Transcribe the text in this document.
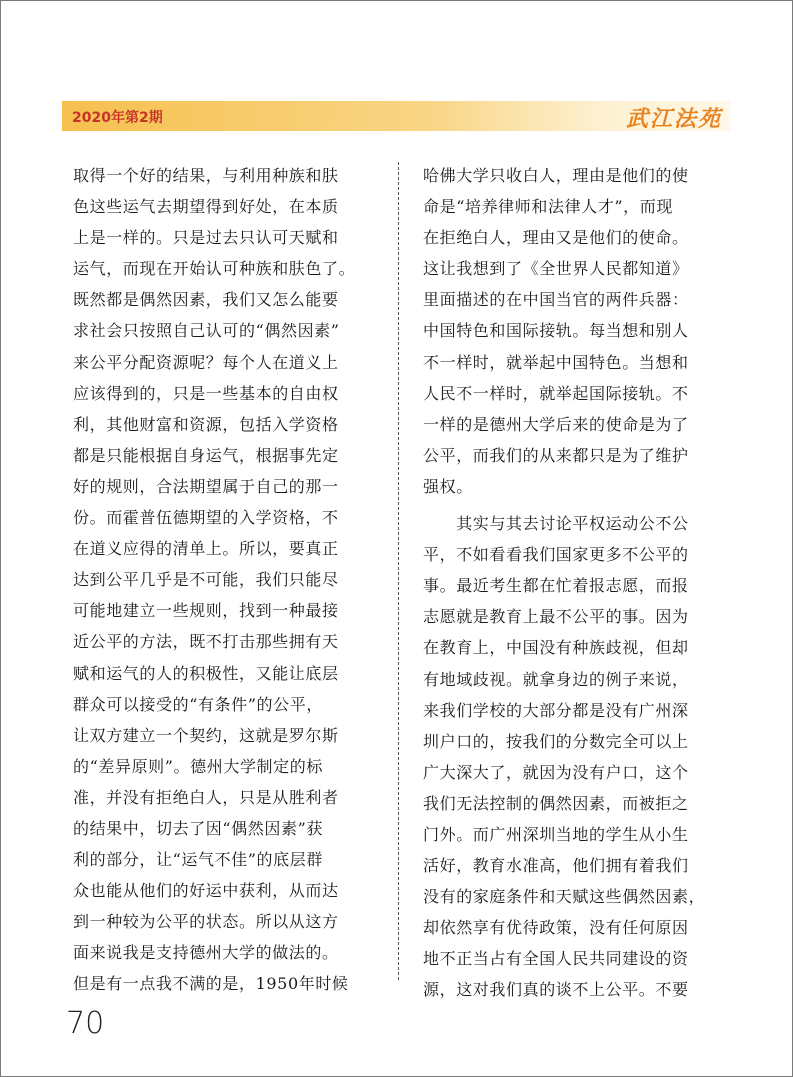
2020年第2期	武江法苑
取得一个好的结果，与利用种族和肤
色这些运气去期望得到好处，在本质
上是一样的。只是过去只认可天赋和
运气，而现在开始认可种族和肤色了。
既然都是偶然因素，我们又怎么能要
求社会只按照自己认可的“偶然因素”
来公平分配资源呢？每个人在道义上
应该得到的，只是一些基本的自由权
利，其他财富和资源，包括入学资格
都是只能根据自身运气，根据事先定
好的规则，合法期望属于自己的那一
份。而霍普伍德期望的入学资格，不
在道义应得的清单上。所以，要真正
达到公平几乎是不可能，我们只能尽
可能地建立一些规则，找到一种最接
近公平的方法，既不打击那些拥有天
赋和运气的人的积极性，又能让底层
群众可以接受的“有条件”的公平，
让双方建立一个契约，这就是罗尔斯
的“差异原则”。德州大学制定的标
准，并没有拒绝白人，只是从胜利者
的结果中，切去了因“偶然因素”获
利的部分，让“运气不佳”的底层群
众也能从他们的好运中获利，从而达
到一种较为公平的状态。所以从这方
面来说我是支持德州大学的做法的。
但是有一点我不满的是，1950年时候
哈佛大学只收白人，理由是他们的使
命是“培养律师和法律人才”，而现
在拒绝白人，理由又是他们的使命。
这让我想到了《全世界人民都知道》
里面描述的在中国当官的两件兵器：
中国特色和国际接轨。每当想和别人
不一样时，就举起中国特色。当想和
人民不一样时，就举起国际接轨。不
一样的是德州大学后来的使命是为了
公平，而我们的从来都只是为了维护
强权。
　　其实与其去讨论平权运动公不公
平，不如看看我们国家更多不公平的
事。最近考生都在忙着报志愿，而报
志愿就是教育上最不公平的事。因为
在教育上，中国没有种族歧视，但却
有地域歧视。就拿身边的例子来说，
来我们学校的大部分都是没有广州深
圳户口的，按我们的分数完全可以上
广大深大了，就因为没有户口，这个
我们无法控制的偶然因素，而被拒之
门外。而广州深圳当地的学生从小生
活好，教育水准高，他们拥有着我们
没有的家庭条件和天赋这些偶然因素，
却依然享有优待政策，没有任何原因
地不正当占有全国人民共同建设的资
源，这对我们真的谈不上公平。不要
70
